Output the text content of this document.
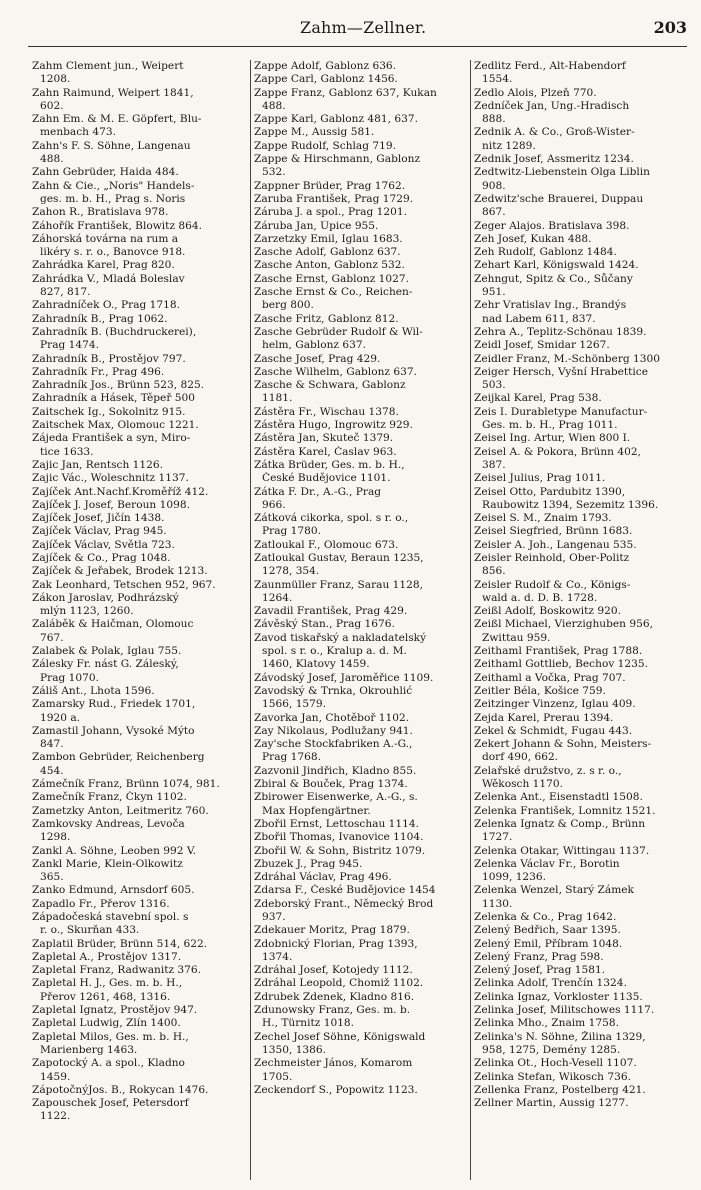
Zahm—Zellner.	203
Zahm Clement jun., Weipert
1208.
Zahn Raimund, Weipert 1841,
602.
Zahn Em. & M. E. Göpfert, Blu-
menbach 473.
Zahn's F. S. Söhne, Langenau
488.
Zahn Gebrüder, Haida 484.
Zahn & Cie., „Noris" Handels-
ges. m. b. H., Prag s. Noris
Zahon R., Bratislava 978.
Záhořík František, Blowitz 864.
Záhorská továrna na rum a
likéry s. r. o., Banovce 918.
Zahrádka Karel, Prag 820.
Zahrádka V., Mladá Boleslav
827, 817.
Zahradníček O., Prag 1718.
Zahradník B., Prag 1062.
Zahradník B. (Buchdruckerei),
Prag 1474.
Zahradník B., Prostějov 797.
Zahradník Fr., Prag 496.
Zahradník Jos., Brünn 523, 825.
Zahradník a Hásek, Těpeř 500
Zaitschek Ig., Sokolnitz 915.
Zaitschek Max, Olomouc 1221.
Zájeda František a syn, Miro-
tice 1633.
Zajic Jan, Rentsch 1126.
Zajic Vác., Woleschnitz 1137.
Zajíček Ant.Nachf.Kroměříž 412.
Zajíček J. Josef, Beroun 1098.
Zajíček Josef, Jičín 1438.
Zajíček Václav, Prag 945.
Zajíček Václav, Světla 723.
Zajíček & Co., Prag 1048.
Zajíček & Jeřabek, Brodek 1213.
Zak Leonhard, Tetschen 952, 967.
Zákon Jaroslav, Podhrázský
mlýn 1123, 1260.
Zaláběk & Haičman, Olomouc
767.
Zalabek & Polak, Iglau 755.
Zálesky Fr. nást G. Záleský,
Prag 1070.
Záliš Ant., Lhota 1596.
Zamarsky Rud., Friedek 1701,
1920 a.
Zamastil Johann, Vysoké Mýto
847.
Zambon Gebrüder, Reichenberg
454.
Zámečník Franz, Brünn 1074, 981.
Zamečník Franz, Čkyn 1102.
Zametzky Anton, Leitmeritz 760.
Zamkovsky Andreas, Levoča
1298.
Zankl A. Söhne, Leoben 992 V.
Zankl Marie, Klein-Olkowitz
365.
Zanko Edmund, Arnsdorf 605.
Zapadlo Fr., Přerov 1316.
Západočeská stavební spol. s
r. o., Skurňan 433.
Zaplatil Brüder, Brünn 514, 622.
Zapletal A., Prostějov 1317.
Zapletal Franz, Radwanitz 376.
Zapletal H. J., Ges. m. b. H.,
Přerov 1261, 468, 1316.
Zapletal Ignatz, Prostějov 947.
Zapletal Ludwig, Zlín 1400.
Zapletal Milos, Ges. m. b. H.,
Marienberg 1463.
Zapotocký A. a spol., Kladno
1459.
ZápotočnýJos. B., Rokycan 1476.
Zapouschek Josef, Petersdorf
1122.
Zappe Adolf, Gablonz 636.
Zappe Carl, Gablonz 1456.
Zappe Franz, Gablonz 637, Kukan
488.
Zappe Karl, Gablonz 481, 637.
Zappe M., Aussig 581.
Zappe Rudolf, Schlag 719.
Zappe & Hirschmann, Gablonz
532.
Zappner Brüder, Prag 1762.
Zaruba František, Prag 1729.
Záruba J. a spol., Prag 1201.
Záruba Jan, Úpice 955.
Zarzetzky Emil, Iglau 1683.
Zasche Adolf, Gablonz 637.
Zasche Anton, Gablonz 532.
Zasche Ernst, Gablonz 1027.
Zasche Ernst & Co., Reichen-
berg 800.
Zasche Fritz, Gablonz 812.
Zasche Gebrüder Rudolf & Wil-
helm, Gablonz 637.
Zasche Josef, Prag 429.
Zasche Wilhelm, Gablonz 637.
Zasche & Schwara, Gablonz
1181.
Zástěra Fr., Wischau 1378.
Zástěra Hugo, Ingrowitz 929.
Zástěra Jan, Skuteč 1379.
Zástěra Karel, Časlav 963.
Zátka Brüder, Ges. m. b. H.,
České Budějovice 1101.
Zátka F. Dr., A.-G., Prag
966.
Zátková cikorka, spol. s r. o.,
Prag 1780.
Zatloukal F., Olomouc 673.
Zatloukal Gustav, Beraun 1235,
1278, 354.
Zaunmüller Franz, Sarau 1128,
1264.
Zavadil František, Prag 429.
Závěský Stan., Prag 1676.
Zavod tiskařský a nakladatelský
spol. s r. o., Kralup a. d. M.
1460, Klatovy 1459.
Závodský Josef, Jaroměřice 1109.
Zavodský & Trnka, Okrouhlić
1566, 1579.
Zavorka Jan, Chotěboř 1102.
Zay Nikolaus, Podlužany 941.
Zay'sche Stockfabriken A.-G.,
Prag 1768.
Zazvonil Jindřich, Kladno 855.
Zbiral & Bouček, Prag 1374.
Zbirower Eisenwerke, A.-G., s.
Max Hopfengärtner.
Zbořil Ernst, Lettoschau 1114.
Zbořil Thomas, Ivanovice 1104.
Zbořil W. & Sohn, Bistritz 1079.
Zbuzek J., Prag 945.
Zdráhal Václav, Prag 496.
Zdarsa F., České Budějovice 1454
Zdeborský Frant., Německý Brod
937.
Zdekauer Moritz, Prag 1879.
Zdobnický Florian, Prag 1393,
1374.
Zdráhal Josef, Kotojedy 1112.
Zdráhal Leopold, Chomiž 1102.
Zdrubek Zdenek, Kladno 816.
Zdunowsky Franz, Ges. m. b.
H., Türnitz 1018.
Zechel Josef Söhne, Königswald
1350, 1386.
Zechmeister János, Komarom
1705.
Zeckendorf S., Popowitz 1123.
Zedlitz Ferd., Alt-Habendorf
1554.
Zedlo Alois, Plzeň 770.
Zedníček Jan, Ung.-Hradisch
888.
Zednik A. & Co., Groß-Wister-
nitz 1289.
Zednik Josef, Assmeritz 1234.
Zedtwitz-Liebenstein Olga Liblin
908.
Zedwitz'sche Brauerei, Duppau
867.
Zeger Alajos. Bratislava 398.
Zeh Josef, Kukan 488.
Zeh Rudolf, Gablonz 1484.
Zehart Karl, Königswald 1424.
Zehngut, Spitz & Co., Sůčany
951.
Zehr Vratislav Ing., Brandýs
nad Labem 611, 837.
Zehra A., Teplitz-Schönau 1839.
Zeidl Josef, Smidar 1267.
Zeidler Franz, M.-Schönberg 1300
Zeiger Hersch, Vyšní Hrabettice
503.
Zeijkal Karel, Prag 538.
Zeis I. Durabletype Manufactur-
Ges. m. b. H., Prag 1011.
Zeisel Ing. Artur, Wien 800 I.
Zeisel A. & Pokora, Brünn 402,
387.
Zeisel Julius, Prag 1011.
Zeisel Otto, Pardubitz 1390,
Raubowitz 1394, Sezemitz 1396.
Zeisel S. M., Znaim 1793.
Zeisel Siegfried, Brünn 1683.
Zeisler A. Joh., Langenau 535.
Zeisler Reinhold, Ober-Politz
856.
Zeisler Rudolf & Co., Königs-
wald a. d. D. B. 1728.
Zeißl Adolf, Boskowitz 920.
Zeißl Michael, Vierzighuben 956,
Zwittau 959.
Zeithaml František, Prag 1788.
Zeithaml Gottlieb, Bechov 1235.
Zeithaml a Vočka, Prag 707.
Zeitler Béla, Košice 759.
Zeitzinger Vinzenz, Iglau 409.
Zejda Karel, Prerau 1394.
Zekel & Schmidt, Fugau 443.
Zekert Johann & Sohn, Meisters-
dorf 490, 662.
Zelařské družstvo, z. s r. o.,
Wěkosch 1170.
Zelenka Ant., Eisenstadtl 1508.
Zelenka František, Lomnitz 1521.
Zelenka Ignatz & Comp., Brünn
1727.
Zelenka Otakar, Wittingau 1137.
Zelenka Václav Fr., Borotin
1099, 1236.
Zelenka Wenzel, Starý Zámek
1130.
Zelenka & Co., Prag 1642.
Zelený Bedřich, Saar 1395.
Zelený Emil, Příbram 1048.
Zelený Franz, Prag 598.
Zelený Josef, Prag 1581.
Zelinka Adolf, Trenčín 1324.
Zelinka Ignaz, Vorkloster 1135.
Zelinka Josef, Militschowes 1117.
Zelinka Mho., Znaim 1758.
Zelinka's N. Söhne, Žilina 1329,
958, 1275, Demény 1285.
Zelinka Ot., Hoch-Vesell 1107.
Zelinka Stefan, Wikosch 736.
Zellenka Franz, Postelberg 421.
Zellner Martin, Aussig 1277.
